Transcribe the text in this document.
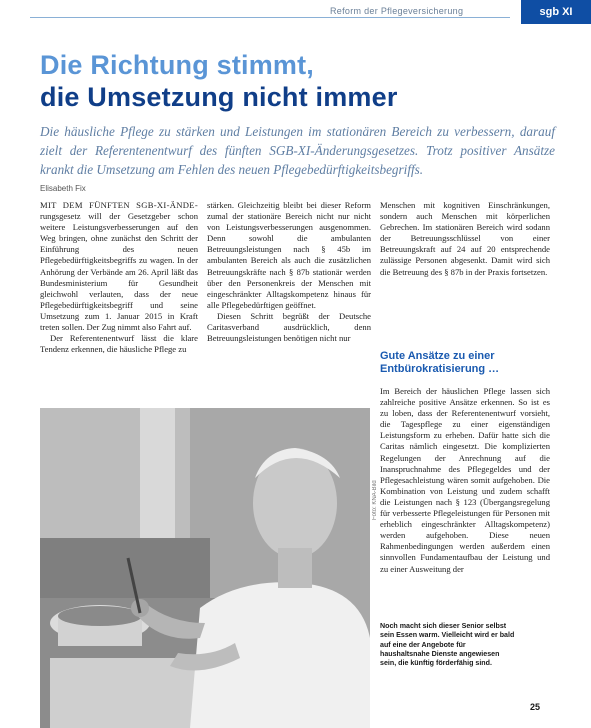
Reform der Pflegeversicherung	sgb XI
Die Richtung stimmt,
die Umsetzung nicht immer

Die häusliche Pflege zu stärken und Leistungen im stationären Bereich zu verbessern, darauf zielt der Referentenentwurf des fünften SGB-XI-Änderungsgesetzes. Trotz positiver Ansätze krankt die Umsetzung am Fehlen des neuen Pflegebedürftigkeitsbegriffs.

Elisabeth Fix

MIT DEM FÜNFTEN SGB-XI-ÄNDE- rungsgesetz will der Gesetzgeber schon weitere Leistungsverbesserungen auf den Weg bringen, ohne zunächst den Schritt der Einführung des neuen Pflegebedürftigkeitsbegriffs zu wagen. In der Anhörung der Verbände am 26. April läßt das Bundesministerium für Gesundheit gleichwohl verlauten, dass der neue Pflegebedürftigkeitsbegriff und seine Umsetzung zum 1. Januar 2015 in Kraft treten sollen. Der Zug nimmt also Fahrt auf.

Der Referentenentwurf lässt die klare Tendenz erkennen, die häusliche Pflege zu

stärken. Gleichzeitig bleibt bei dieser Reform zumal der stationäre Bereich nicht nur nicht von Leistungsverbesserungen ausgenommen. Denn sowohl die ambulanten Betreuungsleistungen nach § 45b im ambulanten Bereich als auch die zusätzlichen Betreuungskräfte nach § 87b stationär werden über den Personenkreis der Menschen mit eingeschränkter Alltagskompetenz hinaus für alle Pflegebedürftigen geöffnet.

Diesen Schritt begrüßt der Deutsche Caritasverband ausdrücklich, denn Betreuungsleistungen benötigen nicht nur

Menschen mit kognitiven Einschränkungen, sondern auch Menschen mit körperlichen Gebrechen. Im stationären Bereich wird sodann der Betreuungsschlüssel von einer Betreuungskraft auf 24 auf 20 entsprechende zulässige Personen abgesenkt. Damit wird sich die Betreuung des § 87b in der Praxis fortsetzen.

Gute Ansätze zu einer Entbürokratisierung …

Im Bereich der häuslichen Pflege lassen sich zahlreiche positive Ansätze erkennen. So ist es zu loben, dass der Referentenentwurf vorsieht, die Tagespflege zu einer eigenständigen Leistungsform zu erheben. Dafür hatte sich die Caritas nämlich eingesetzt. Die komplizierten Regelungen der Anrechnung auf die Inanspruchnahme des Pflegegeldes und der Pflegesachleistung wären somit aufgehoben. Die Kombination von Leistung und zudem schafft die Leistungen nach § 123 (Übergangsregelung für verbesserte Pflegeleistungen für Personen mit erheblich eingeschränkter Alltagskompetenz) werden aufgehoben. Diese neuen Rahmenbedingungen werden außerdem einen sinnvollen Fundamentaufbau der Leistung und zu einer Ausweitung der

Foto: KNA-Bild

Noch macht sich dieser Senior selbst sein Essen warm. Vielleicht wird er bald auf eine der Angebote für haushaltsnahe Dienste angewiesen sein, die künftig förderfähig sind.

25
